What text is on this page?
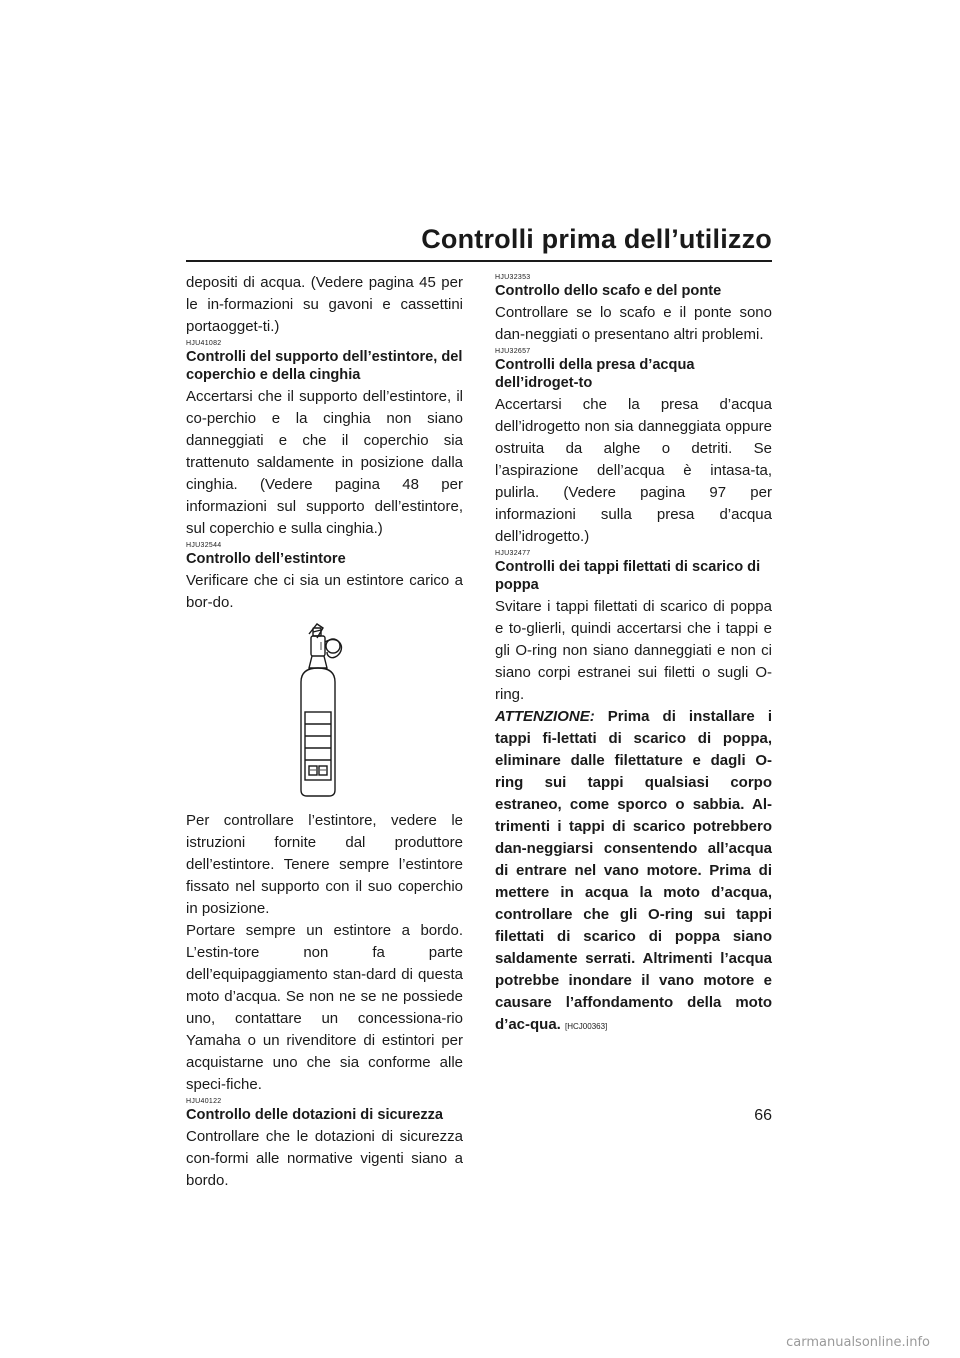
Controlli prima dell’utilizzo

depositi di acqua. (Vedere pagina 45 per le in-formazioni su gavoni e cassettini portaogget-ti.)

HJU41082
Controlli del supporto dell’estintore, del coperchio e della cinghia

Accertarsi che il supporto dell’estintore, il co-perchio e la cinghia non siano danneggiati e che il coperchio sia trattenuto saldamente in posizione dalla cinghia. (Vedere pagina 48 per informazioni sul supporto dell’estintore, sul coperchio e sulla cinghia.)

HJU32544
Controllo dell’estintore

Verificare che ci sia un estintore carico a bor-do.

Per controllare l’estintore, vedere le istruzioni fornite dal produttore dell’estintore. Tenere sempre l’estintore fissato nel supporto con il suo coperchio in posizione.

Portare sempre un estintore a bordo. L’estin-tore non fa parte dell’equipaggiamento stan-dard di questa moto d’acqua. Se non ne se ne possiede uno, contattare un concessiona-rio Yamaha o un rivenditore di estintori per acquistarne uno che sia conforme alle speci-fiche.

HJU40122
Controllo delle dotazioni di sicurezza

Controllare che le dotazioni di sicurezza con-formi alle normative vigenti siano a bordo.

HJU32353
Controllo dello scafo e del ponte

Controllare se lo scafo e il ponte sono dan-neggiati o presentano altri problemi.

HJU32657
Controlli della presa d’acqua dell’idroget-to

Accertarsi che la presa d’acqua dell’idrogetto non sia danneggiata oppure ostruita da alghe o detriti. Se l’aspirazione dell’acqua è intasa-ta, pulirla. (Vedere pagina 97 per informazioni sulla presa d’acqua dell’idrogetto.)

HJU32477
Controlli dei tappi filettati di scarico di poppa

Svitare i tappi filettati di scarico di poppa e to-glierli, quindi accertarsi che i tappi e gli O-ring non siano danneggiati e non ci siano corpi estranei sui filetti o sugli O-ring.

ATTENZIONE: Prima di installare i tappi fi-lettati di scarico di poppa, eliminare dalle filettature e dagli O-ring sui tappi qualsiasi corpo estraneo, come sporco o sabbia. Al-trimenti i tappi di scarico potrebbero dan-neggiarsi consentendo all’acqua di entrare nel vano motore. Prima di mettere in acqua la moto d’acqua, controllare che gli O-ring sui tappi filettati di scarico di poppa siano saldamente serrati. Altrimenti l’acqua potrebbe inondare il vano motore e causare l’affondamento della moto d’ac-qua. [HCJ00363]

66
carmanualsonline.info
